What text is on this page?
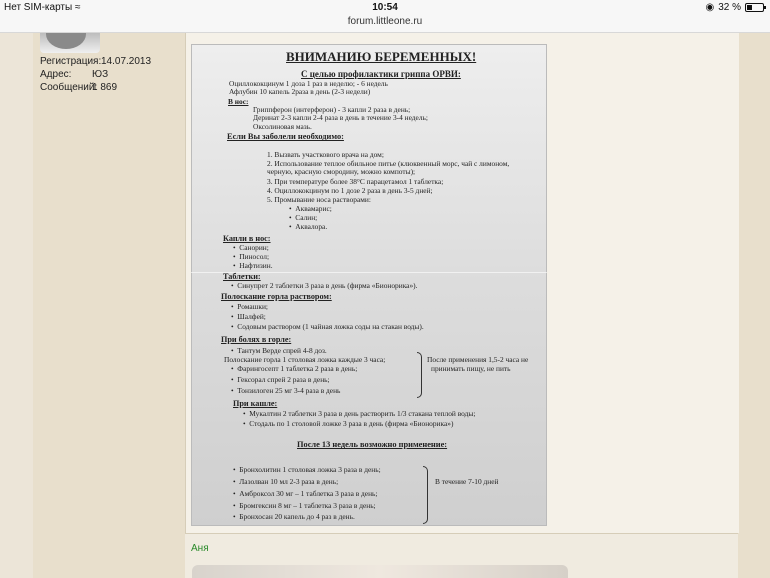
Нет SIM-карты ≈	10:54	◉ 32 %
forum.littleone.ru
Регистрация: 14.07.2013
Адрес:	ЮЗ
Сообщений:
1 869
ВНИМАНИЮ БЕРЕМЕННЫХ!
С целью профилактики гриппа ОРВИ:
Оциллококцинум 1 доза 1 раз в неделю; - 6 недель
Афлубин 10 капель 2раза в день (2-3 недели)
В нос:
Гриппферон (интерферон) - 3 капли 2 раза в день;
Деринат 2-3 капли 2-4 раза в день в течение 3-4 недель;
Оксолиновая мазь.
Если Вы заболели необходимо:
1. Вызвать участкового врача на дом;
2. Использование теплое обильное питье (клюквенный морс, чай с лимоном,
черную, красную смородину, можно компоты);
3. При температуре более 38°С парацетамол 1 таблетка;
4. Оциллококцинум по 1 дозе 2 раза в день 3-5 дней;
5. Промывание носа растворами:
•  Аквамарис;
•  Салин;
•  Аквалора.
Капли в нос:
•  Санорин;
•  Пиносол;
•  Нафтизин.
Таблетки:
•  Синупрет 2 таблетки 3 раза в день (фирма «Бионорика»).
Полоскание горла раствором:
•  Ромашки;
•  Шалфей;
•  Содовым раствором (1 чайная ложка соды на стакан воды).
При болях в горле:
•  Тантум Верде спрей 4-8 доз.
Полоскание горла 1 столовая ложка каждые 3 часа;
•  Фарингосепт 1 таблетка 2 раза в день;
•  Гексорал спрей 2 раза в день;
•  Тонзилоген 25 мг 3-4 раза в день
После применения 1,5-2 часа не
принимать пищу, не пить
При кашле:
•  Мукалтин 2 таблетки 3 раза в день растворить 1/3 стакана теплой воды;
•  Стодаль по 1 столовой ложке 3 раза в день (фирма «Бионорика»)
После 13 недель возможно применение:
•  Бронхолитин 1 столовая ложка 3 раза в день;
•  Лазолван 10 мл 2-3 раза в день;
•  Амброксол 30 мг – 1 таблетка 3 раза в день;
•  Бромгексин 8 мг – 1 таблетка 3 раза в день;
•  Бронхосан 20 капель до 4 раз в день.
В течение 7-10 дней
Аня
